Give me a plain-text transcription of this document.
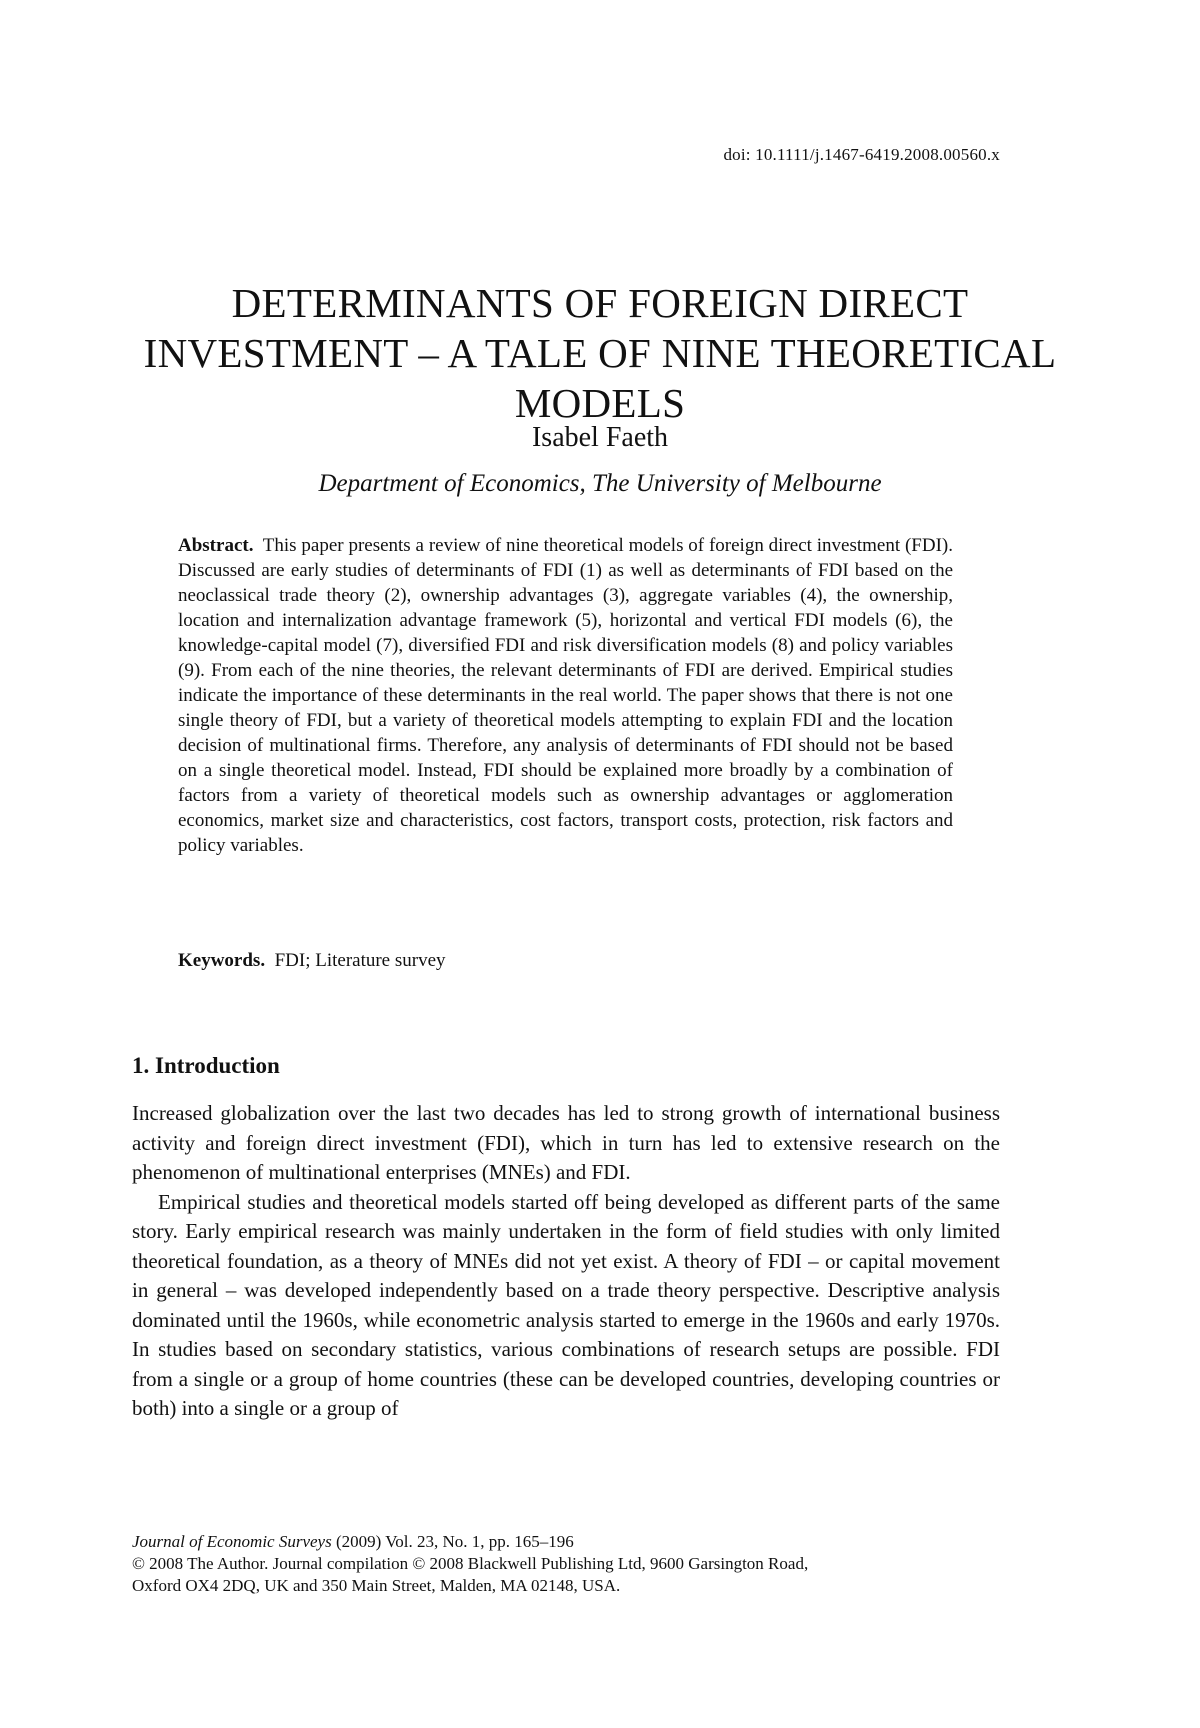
doi: 10.1111/j.1467-6419.2008.00560.x
DETERMINANTS OF FOREIGN DIRECT INVESTMENT – A TALE OF NINE THEORETICAL MODELS
Isabel Faeth
Department of Economics, The University of Melbourne

Abstract. This paper presents a review of nine theoretical models of foreign direct investment (FDI). Discussed are early studies of determinants of FDI (1) as well as determinants of FDI based on the neoclassical trade theory (2), ownership advantages (3), aggregate variables (4), the ownership, location and internalization advantage framework (5), horizontal and vertical FDI models (6), the knowledge-capital model (7), diversified FDI and risk diversification models (8) and policy variables (9). From each of the nine theories, the relevant determinants of FDI are derived. Empirical studies indicate the importance of these determinants in the real world. The paper shows that there is not one single theory of FDI, but a variety of theoretical models attempting to explain FDI and the location decision of multinational firms. Therefore, any analysis of determinants of FDI should not be based on a single theoretical model. Instead, FDI should be explained more broadly by a combination of factors from a variety of theoretical models such as ownership advantages or agglomeration economics, market size and characteristics, cost factors, transport costs, protection, risk factors and policy variables.

Keywords. FDI; Literature survey
1. Introduction

Increased globalization over the last two decades has led to strong growth of international business activity and foreign direct investment (FDI), which in turn has led to extensive research on the phenomenon of multinational enterprises (MNEs) and FDI.

Empirical studies and theoretical models started off being developed as different parts of the same story. Early empirical research was mainly undertaken in the form of field studies with only limited theoretical foundation, as a theory of MNEs did not yet exist. A theory of FDI – or capital movement in general – was developed independently based on a trade theory perspective. Descriptive analysis dominated until the 1960s, while econometric analysis started to emerge in the 1960s and early 1970s. In studies based on secondary statistics, various combinations of research setups are possible. FDI from a single or a group of home countries (these can be developed countries, developing countries or both) into a single or a group of

Journal of Economic Surveys (2009) Vol. 23, No. 1, pp. 165–196
© 2008 The Author. Journal compilation © 2008 Blackwell Publishing Ltd, 9600 Garsington Road,
Oxford OX4 2DQ, UK and 350 Main Street, Malden, MA 02148, USA.
